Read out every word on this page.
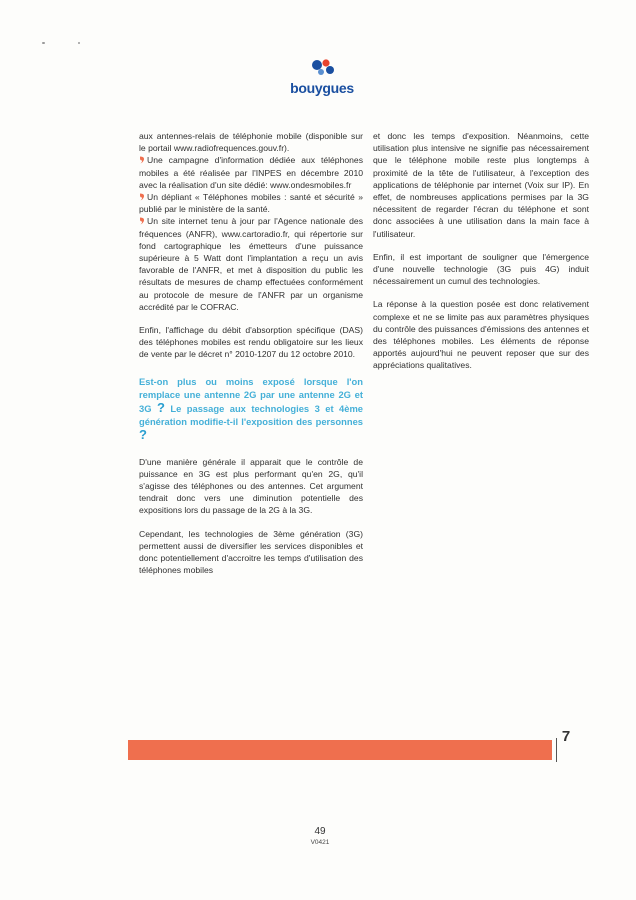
bouygues

aux antennes-relais de téléphonie mobile (disponible sur le portail www.radiofrequences.gouv.fr).

Une campagne d'information dédiée aux téléphones mobiles a été réalisée par l'INPES en décembre 2010 avec la réalisation d'un site dédié: www.ondesmobiles.fr

Un dépliant « Téléphones mobiles : santé et sécurité » publié par le ministère de la santé.

Un site internet tenu à jour par l'Agence nationale des fréquences (ANFR), www.cartoradio.fr, qui répertorie sur fond cartographique les émetteurs d'une puissance supérieure à 5 Watt dont l'implantation a reçu un avis favorable de l'ANFR, et met à disposition du public les résultats de mesures de champ effectuées conformément au protocole de mesure de l'ANFR par un organisme accrédité par le COFRAC.

Enfin, l'affichage du débit d'absorption spécifique (DAS) des téléphones mobiles est rendu obligatoire sur les lieux de vente par le décret n° 2010-1207 du 12 octobre 2010.

Est-on plus ou moins exposé lorsque l'on remplace une antenne 2G par une antenne 2G et 3G ? Le passage aux technologies 3 et 4ème génération modifie-t-il l'exposition des personnes ?

D'une manière générale il apparait que le contrôle de puissance en 3G est plus performant qu'en 2G, qu'il s'agisse des téléphones ou des antennes. Cet argument tendrait donc vers une diminution potentielle des expositions lors du passage de la 2G à la 3G.

Cependant, les technologies de 3ème génération (3G) permettent aussi de diversifier les services disponibles et donc potentiellement d'accroitre les temps d'utilisation des téléphones mobiles

et donc les temps d'exposition. Néanmoins, cette utilisation plus intensive ne signifie pas nécessairement que le téléphone mobile reste plus longtemps à proximité de la tête de l'utilisateur, à l'exception des applications de téléphonie par internet (Voix sur IP). En effet, de nombreuses applications permises par la 3G nécessitent de regarder l'écran du téléphone et sont donc associées à une utilisation dans la main face à l'utilisateur.

Enfin, il est important de souligner que l'émergence d'une nouvelle technologie (3G puis 4G) induit nécessairement un cumul des technologies.

La réponse à la question posée est donc relativement complexe et ne se limite pas aux paramètres physiques du contrôle des puissances d'émissions des antennes et des téléphones mobiles. Les éléments de réponse apportés aujourd'hui ne peuvent reposer que sur des appréciations qualitatives.

7
49
V0421
